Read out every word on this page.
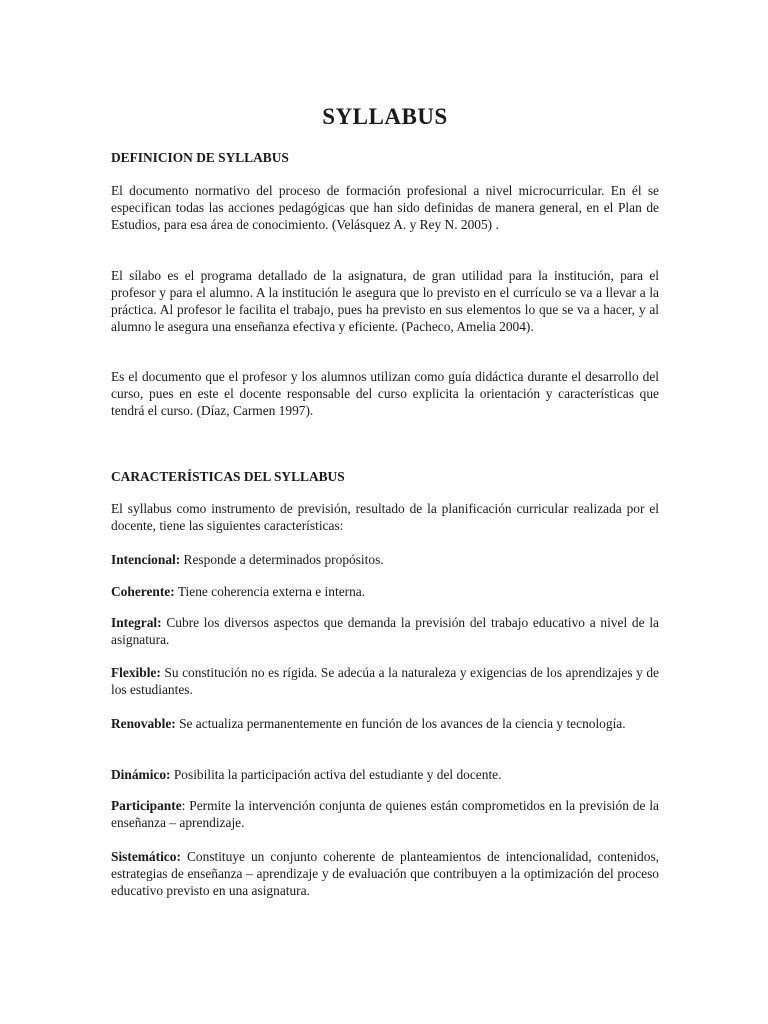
SYLLABUS

DEFINICION DE SYLLABUS

El documento normativo del proceso de formación profesional a nivel microcurricular. En él se especifican todas las acciones pedagógicas que han sido definidas de manera general, en el Plan de Estudios, para esa área de conocimiento. (Velásquez A. y Rey N. 2005) .

El sílabo es el programa detallado de la asignatura, de gran utilidad para la institución, para el profesor y para el alumno. A la institución le asegura que lo previsto en el currículo se va a llevar a la práctica. Al profesor le facilita el trabajo, pues ha previsto en sus elementos lo que se va a hacer, y al alumno le asegura una enseñanza efectiva y eficiente. (Pacheco, Amelia 2004).

Es el documento que el profesor y los alumnos utilizan como guía didáctica durante el desarrollo del curso, pues en este el docente responsable del curso explicita la orientación y características que tendrá el curso. (Díaz, Carmen 1997).

CARACTERÍSTICAS DEL SYLLABUS

El syllabus como instrumento de previsión, resultado de la planificación curricular realizada por el docente, tiene las siguientes características:

Intencional: Responde a determinados propósitos.

Coherente: Tiene coherencia externa e interna.

Integral: Cubre los diversos aspectos que demanda la previsión del trabajo educativo a nivel de la asignatura.

Flexible: Su constitución no es rígida. Se adecúa a la naturaleza y exigencias de los aprendizajes y de los estudiantes.

Renovable: Se actualiza permanentemente en función de los avances de la ciencia y tecnología.

Dinámico: Posibilita la participación activa del estudiante y del docente.

Participante: Permite la intervención conjunta de quienes están comprometidos en la previsión de la enseñanza – aprendizaje.

Sistemático: Constituye un conjunto coherente de planteamientos de intencionalidad, contenidos, estrategias de enseñanza – aprendizaje y de evaluación que contribuyen a la optimización del proceso educativo previsto en una asignatura.
